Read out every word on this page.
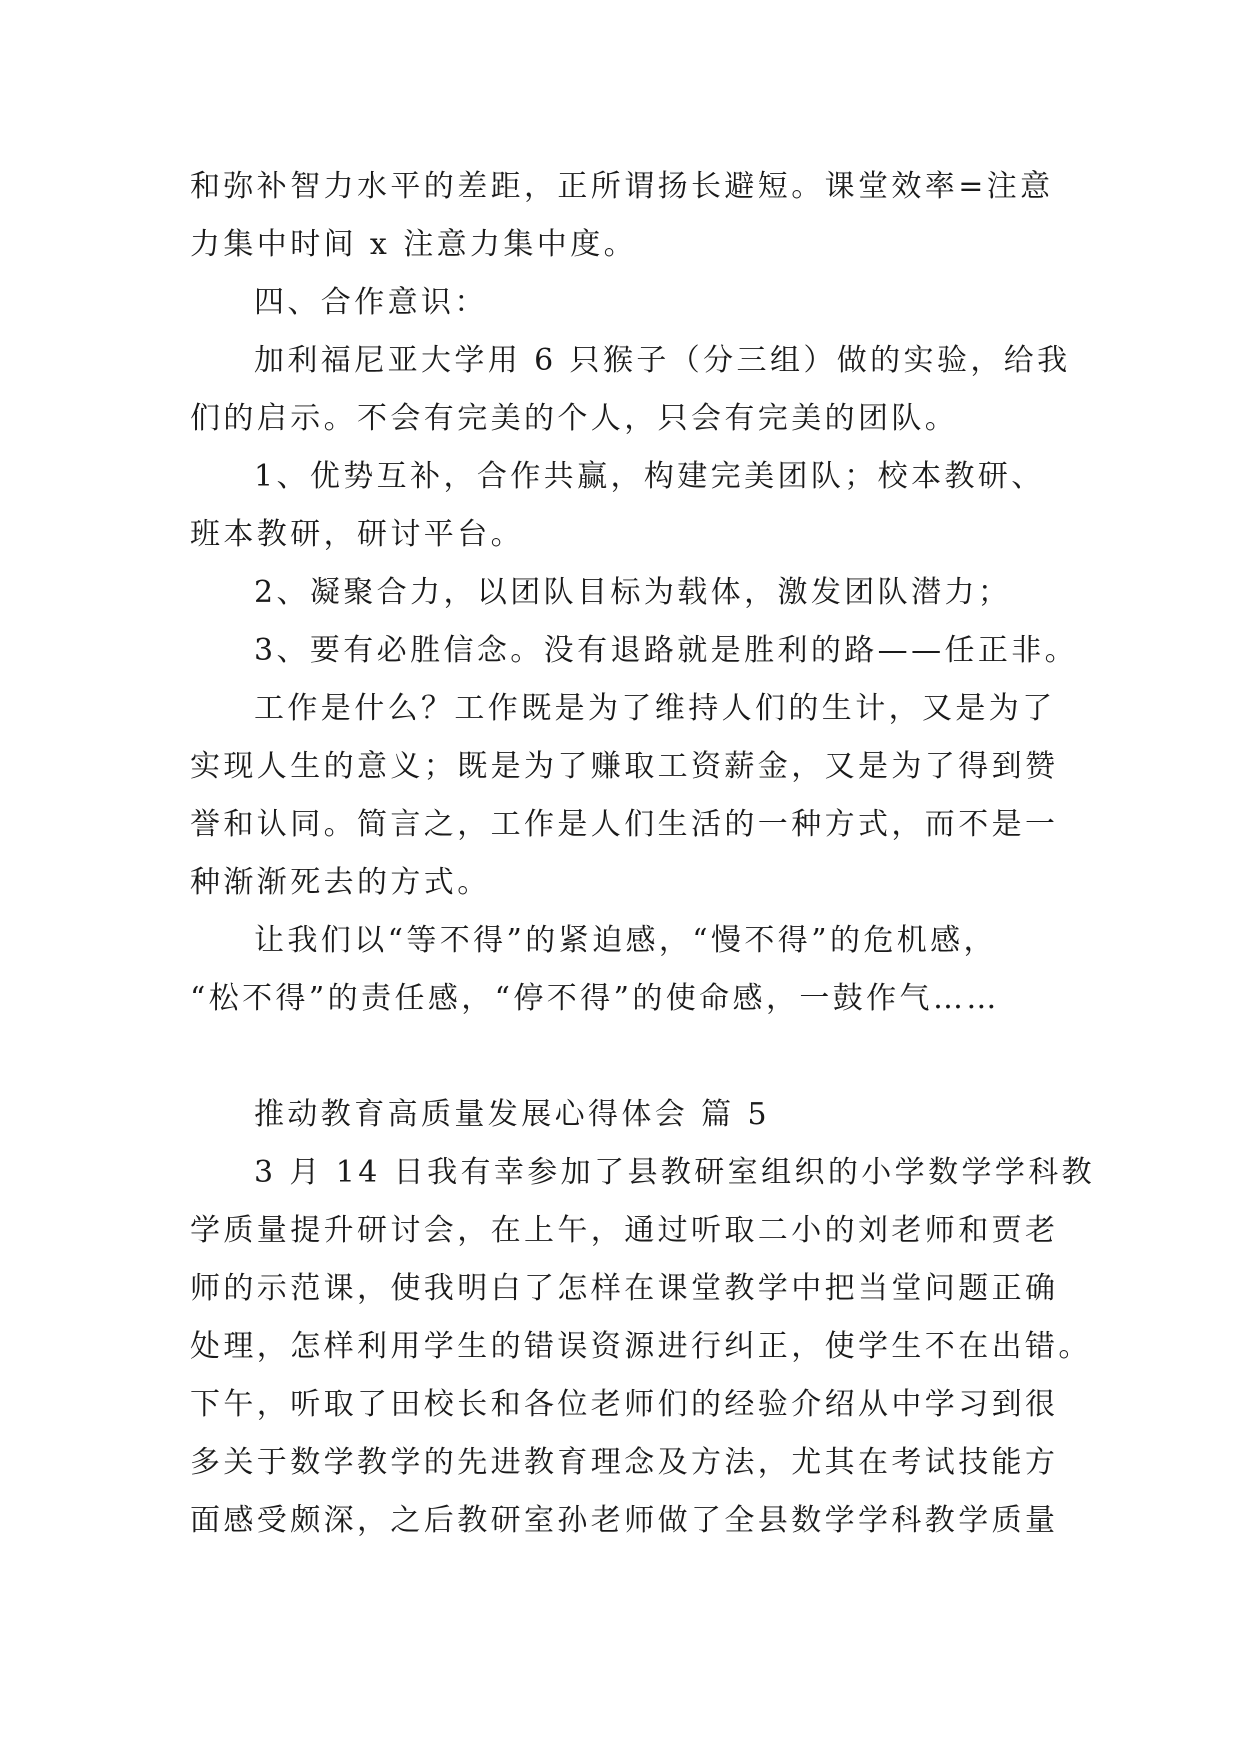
和弥补智力水平的差距，正所谓扬长避短。课堂效率=注意
力集中时间 x 注意力集中度。
四、合作意识：
加利福尼亚大学用 6 只猴子（分三组）做的实验，给我
们的启示。不会有完美的个人，只会有完美的团队。
1、优势互补，合作共赢，构建完美团队；校本教研、
班本教研，研讨平台。
2、凝聚合力，以团队目标为载体，激发团队潜力；
3、要有必胜信念。没有退路就是胜利的路——任正非。
工作是什么？工作既是为了维持人们的生计，又是为了
实现人生的意义；既是为了赚取工资薪金，又是为了得到赞
誉和认同。简言之，工作是人们生活的一种方式，而不是一
种渐渐死去的方式。
让我们以“等不得”的紧迫感，“慢不得”的危机感，
“松不得”的责任感，“停不得”的使命感，一鼓作气……
推动教育高质量发展心得体会 篇 5
3 月 14 日我有幸参加了县教研室组织的小学数学学科教
学质量提升研讨会，在上午，通过听取二小的刘老师和贾老
师的示范课，使我明白了怎样在课堂教学中把当堂问题正确
处理，怎样利用学生的错误资源进行纠正，使学生不在出错。
下午，听取了田校长和各位老师们的经验介绍从中学习到很
多关于数学教学的先进教育理念及方法，尤其在考试技能方
面感受颇深，之后教研室孙老师做了全县数学学科教学质量
